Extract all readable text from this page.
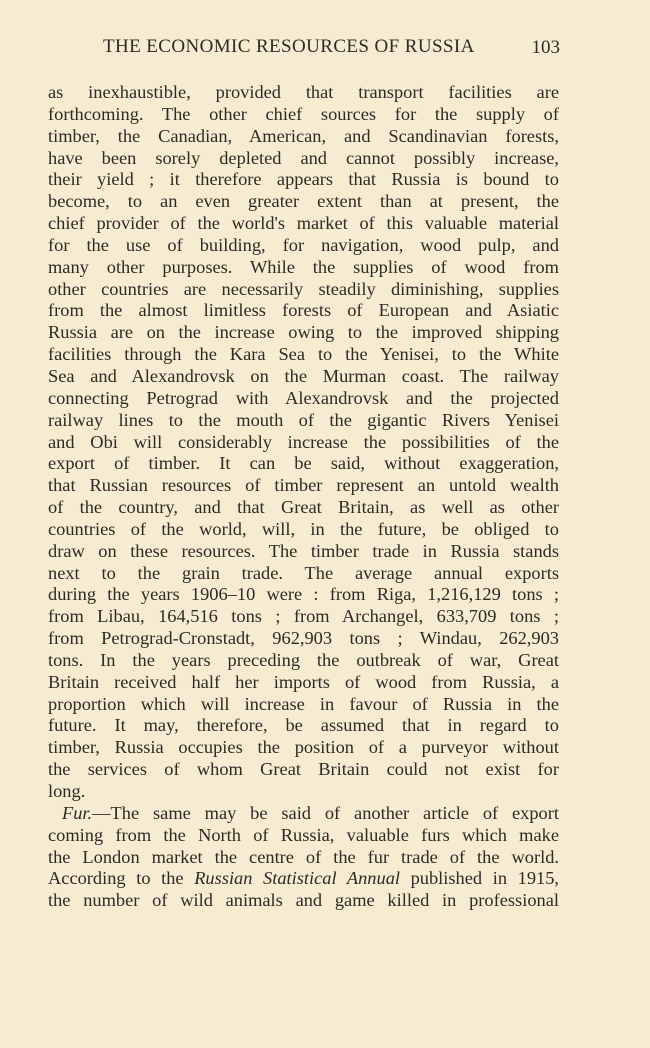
THE ECONOMIC RESOURCES OF RUSSIA	103
as inexhaustible, provided that transport facilities are
forthcoming. The other chief sources for the supply of
timber, the Canadian, American, and Scandinavian forests,
have been sorely depleted and cannot possibly increase,
their yield ; it therefore appears that Russia is bound to
become, to an even greater extent than at present, the
chief provider of the world's market of this valuable material
for the use of building, for navigation, wood pulp, and
many other purposes. While the supplies of wood from
other countries are necessarily steadily diminishing, supplies
from the almost limitless forests of European and Asiatic
Russia are on the increase owing to the improved shipping
facilities through the Kara Sea to the Yenisei, to the White
Sea and Alexandrovsk on the Murman coast. The railway
connecting Petrograd with Alexandrovsk and the projected
railway lines to the mouth of the gigantic Rivers Yenisei
and Obi will considerably increase the possibilities of the
export of timber. It can be said, without exaggeration,
that Russian resources of timber represent an untold wealth
of the country, and that Great Britain, as well as other
countries of the world, will, in the future, be obliged to
draw on these resources. The timber trade in Russia stands
next to the grain trade. The average annual exports
during the years 1906–10 were : from Riga, 1,216,129 tons ;
from Libau, 164,516 tons ; from Archangel, 633,709 tons ;
from Petrograd-Cronstadt, 962,903 tons ; Windau, 262,903
tons. In the years preceding the outbreak of war, Great
Britain received half her imports of wood from Russia, a
proportion which will increase in favour of Russia in the
future. It may, therefore, be assumed that in regard to
timber, Russia occupies the position of a purveyor without
the services of whom Great Britain could not exist for
long.
Fur.—The same may be said of another article of export
coming from the North of Russia, valuable furs which make
the London market the centre of the fur trade of the world.
According to the Russian Statistical Annual published in 1915,
the number of wild animals and game killed in professional
